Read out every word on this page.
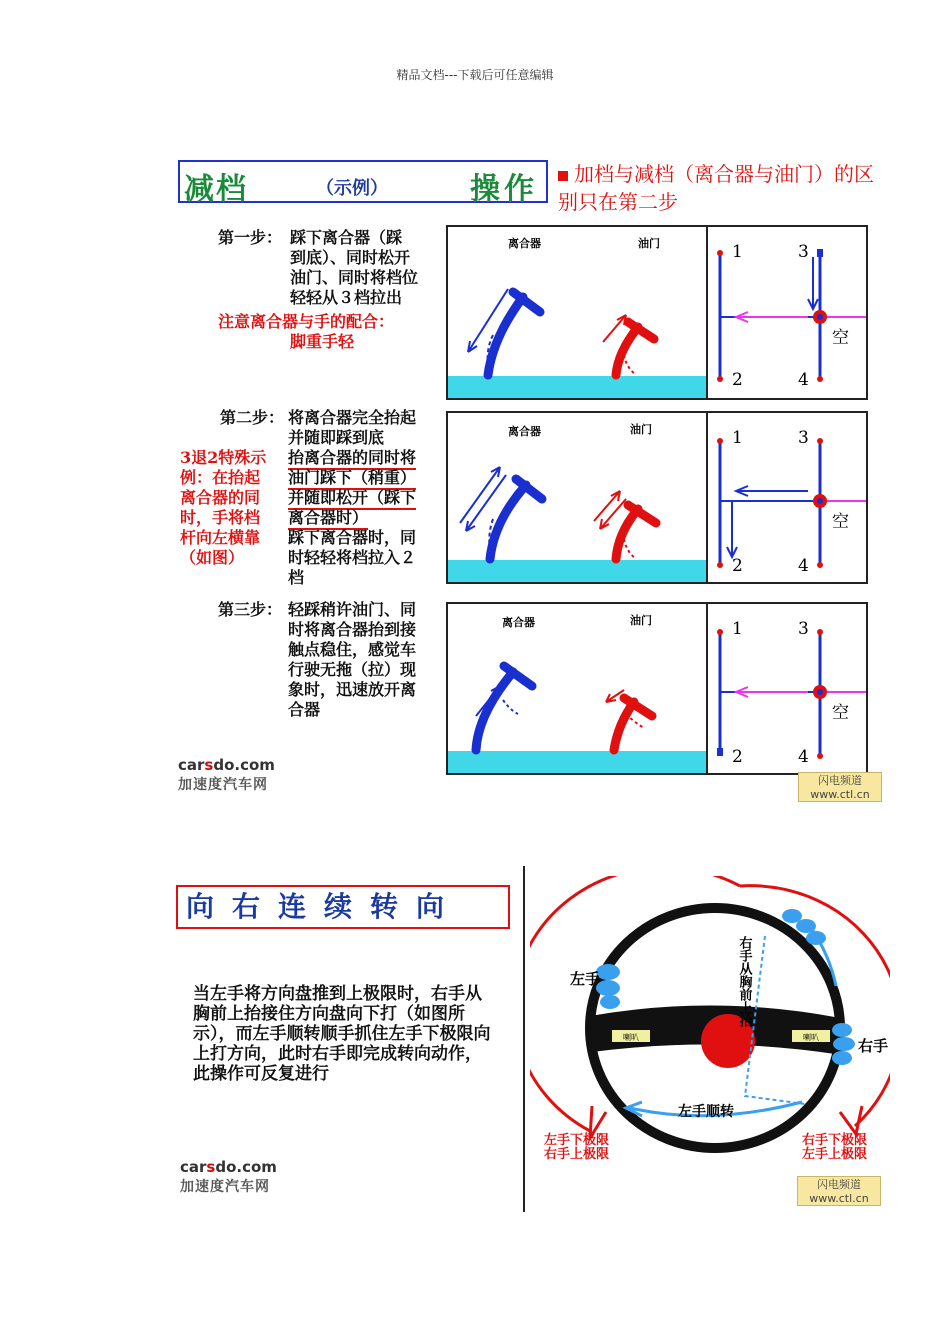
精品文档---下载后可任意编辑
减档	（示例）	操作	加档与减档（离合器与油门）的区别只在第二步
第一步： 踩下离合器（踩
到底）、同时松开
油门、同时将档位
轻轻从３档拉出
注意离合器与手的配合：
脚重手轻
第二步： 将离合器完全抬起
并随即踩到底
抬离合器的同时将
油门踩下（稍重）
并随即松开（踩下
离合器时）
踩下离合器时，同
时轻轻将档拉入２
档
3退2特殊示
例：在抬起
离合器的同
时，手将档
杆向左横靠
（如图）
第三步： 轻踩稍许油门、同
时将离合器抬到接
触点稳住，感觉车
行驶无拖（拉）现
象时，迅速放开离
合器
离合器	油门	1	3
2	4
空
离合器	油门	1	3
2	4
空
离合器	油门	1	3
2	4
空
carsdo.com
加速度汽车网	闪电频道
www.ctl.cn
向右连续转向
当左手将方向盘推到上极限时，右手从胸前上抬接住方向盘向下打（如图所示），而左手顺转顺手抓住左手下极限向上打方向，此时右手即完成转向动作，此操作可反复进行
carsdo.com
加速度汽车网
喇叭	喇叭
左手
右手
左手顺转
右手从胸前上抬
左手下极限
右手上极限
右手下极限
左手上极限
闪电频道
www.ctl.cn
